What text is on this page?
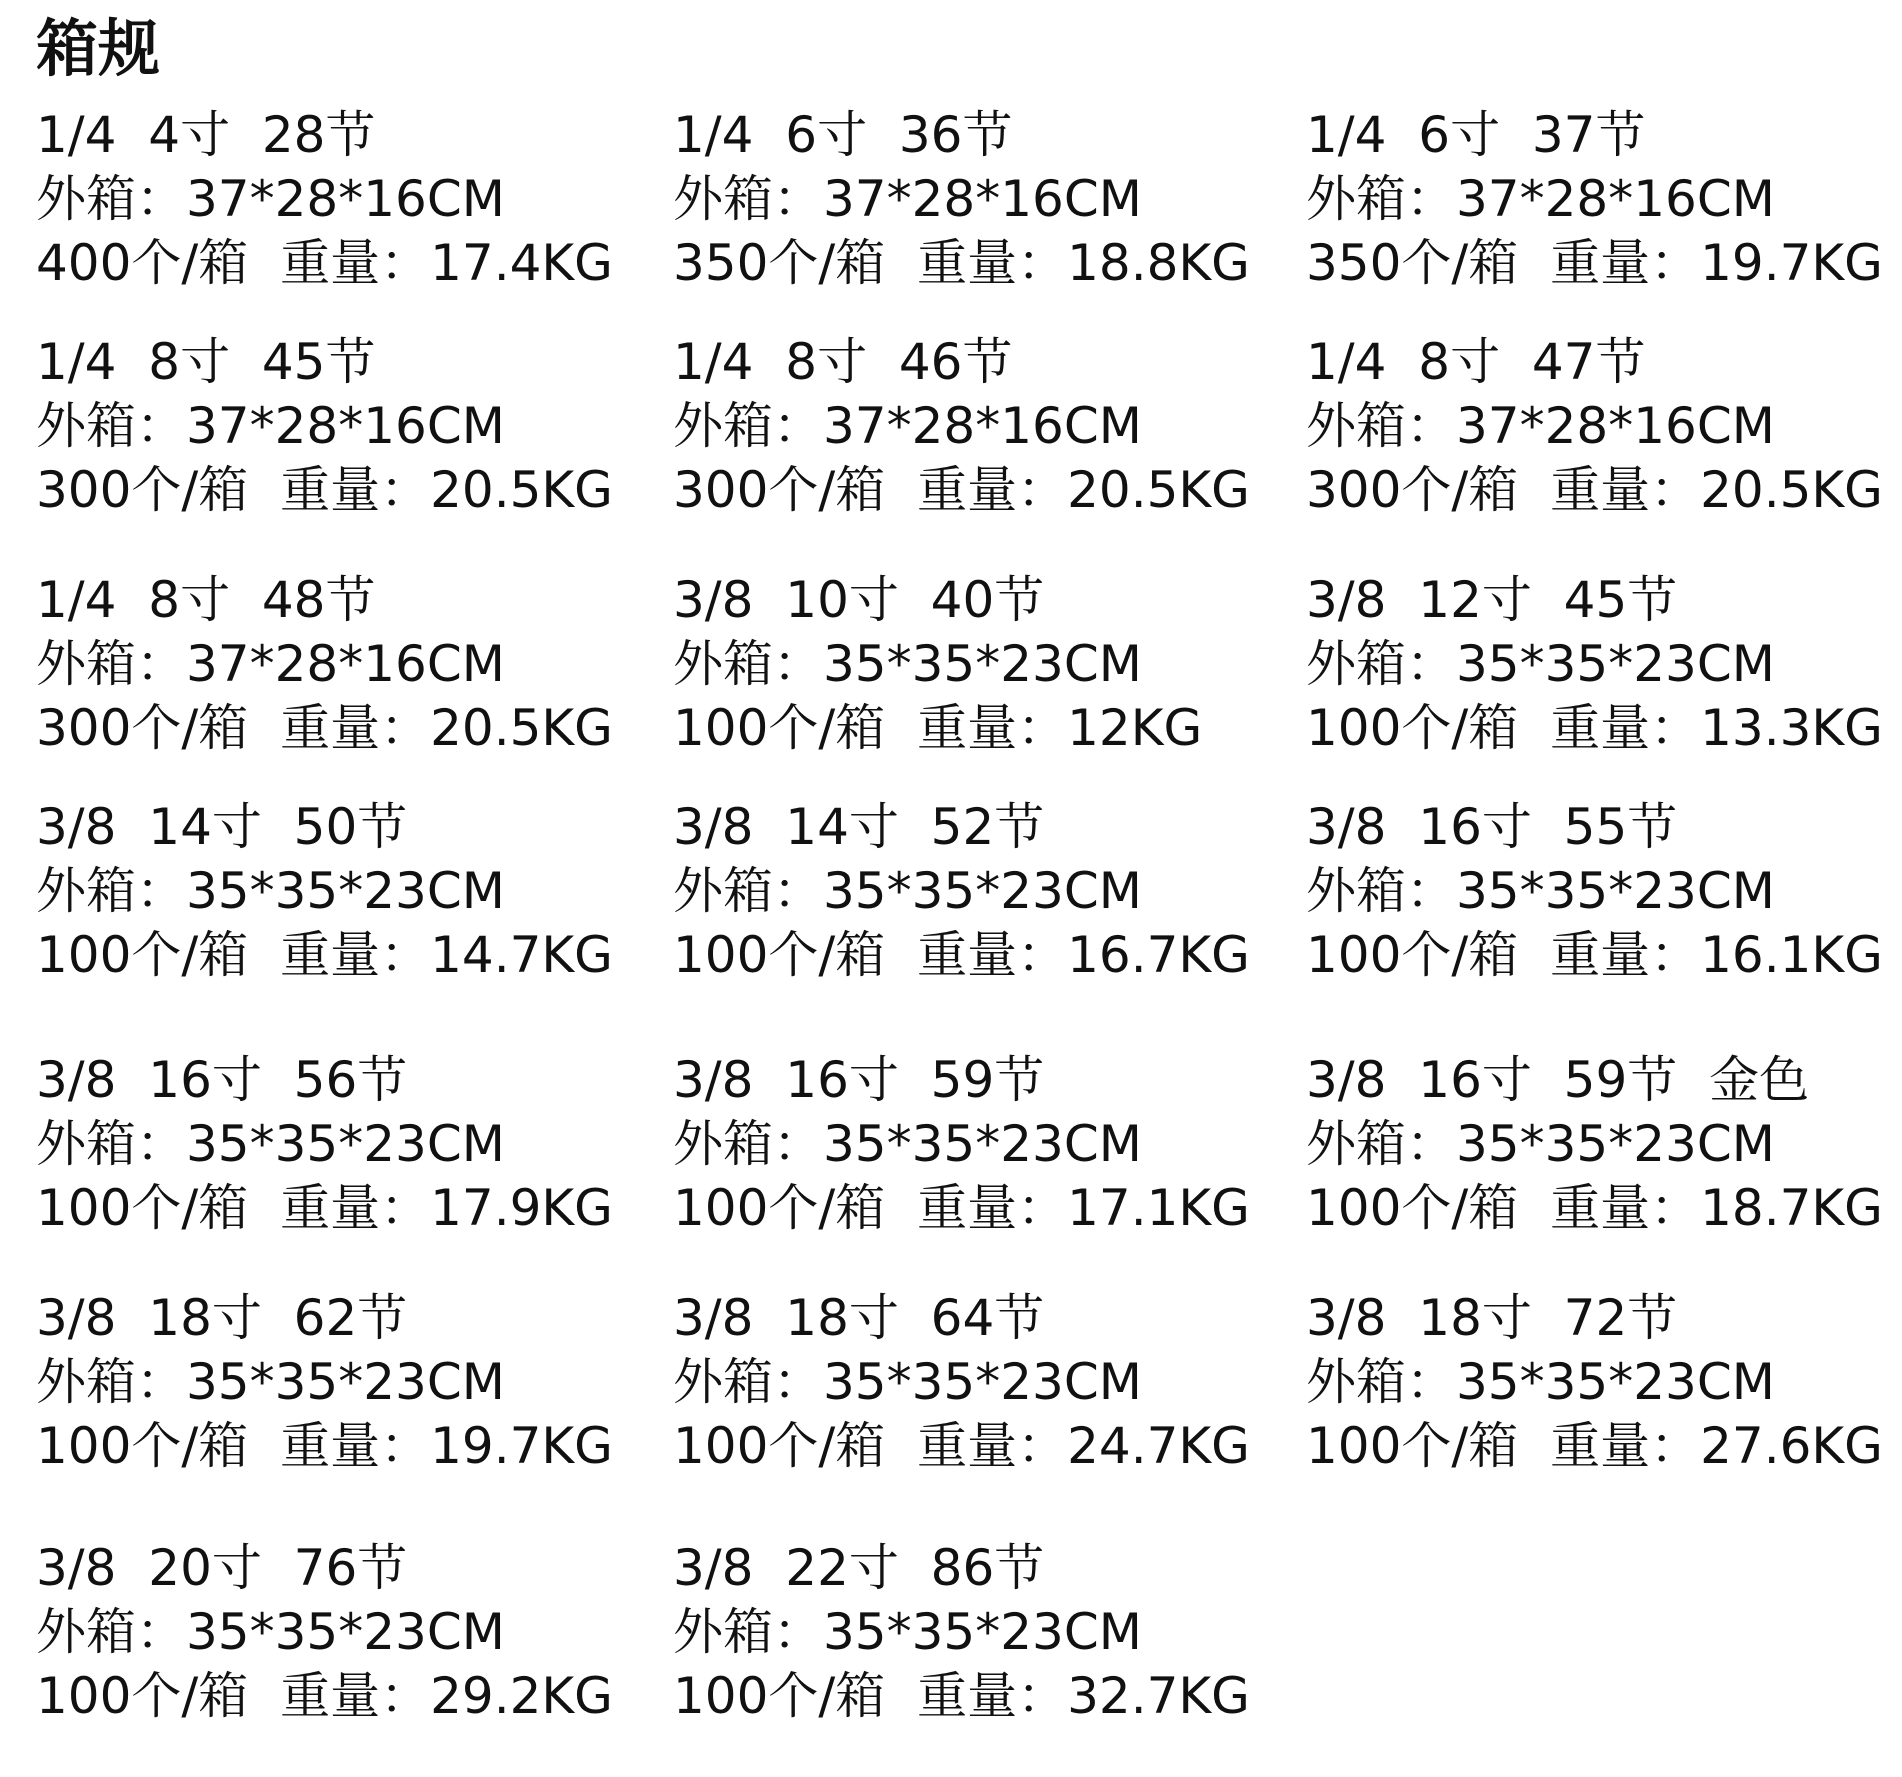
箱规
1/4  4寸  28节
外箱：37*28*16CM
400个/箱  重量：17.4KG
1/4  6寸  36节
外箱：37*28*16CM
350个/箱  重量：18.8KG
1/4  6寸  37节
外箱：37*28*16CM
350个/箱  重量：19.7KG
1/4  8寸  45节
外箱：37*28*16CM
300个/箱  重量：20.5KG
1/4  8寸  46节
外箱：37*28*16CM
300个/箱  重量：20.5KG
1/4  8寸  47节
外箱：37*28*16CM
300个/箱  重量：20.5KG
1/4  8寸  48节
外箱：37*28*16CM
300个/箱  重量：20.5KG
3/8  10寸  40节
外箱：35*35*23CM
100个/箱  重量：12KG
3/8  12寸  45节
外箱：35*35*23CM
100个/箱  重量：13.3KG
3/8  14寸  50节
外箱：35*35*23CM
100个/箱  重量：14.7KG
3/8  14寸  52节
外箱：35*35*23CM
100个/箱  重量：16.7KG
3/8  16寸  55节
外箱：35*35*23CM
100个/箱  重量：16.1KG
3/8  16寸  56节
外箱：35*35*23CM
100个/箱  重量：17.9KG
3/8  16寸  59节
外箱：35*35*23CM
100个/箱  重量：17.1KG
3/8  16寸  59节  金色
外箱：35*35*23CM
100个/箱  重量：18.7KG
3/8  18寸  62节
外箱：35*35*23CM
100个/箱  重量：19.7KG
3/8  18寸  64节
外箱：35*35*23CM
100个/箱  重量：24.7KG
3/8  18寸  72节
外箱：35*35*23CM
100个/箱  重量：27.6KG
3/8  20寸  76节
外箱：35*35*23CM
100个/箱  重量：29.2KG
3/8  22寸  86节
外箱：35*35*23CM
100个/箱  重量：32.7KG
